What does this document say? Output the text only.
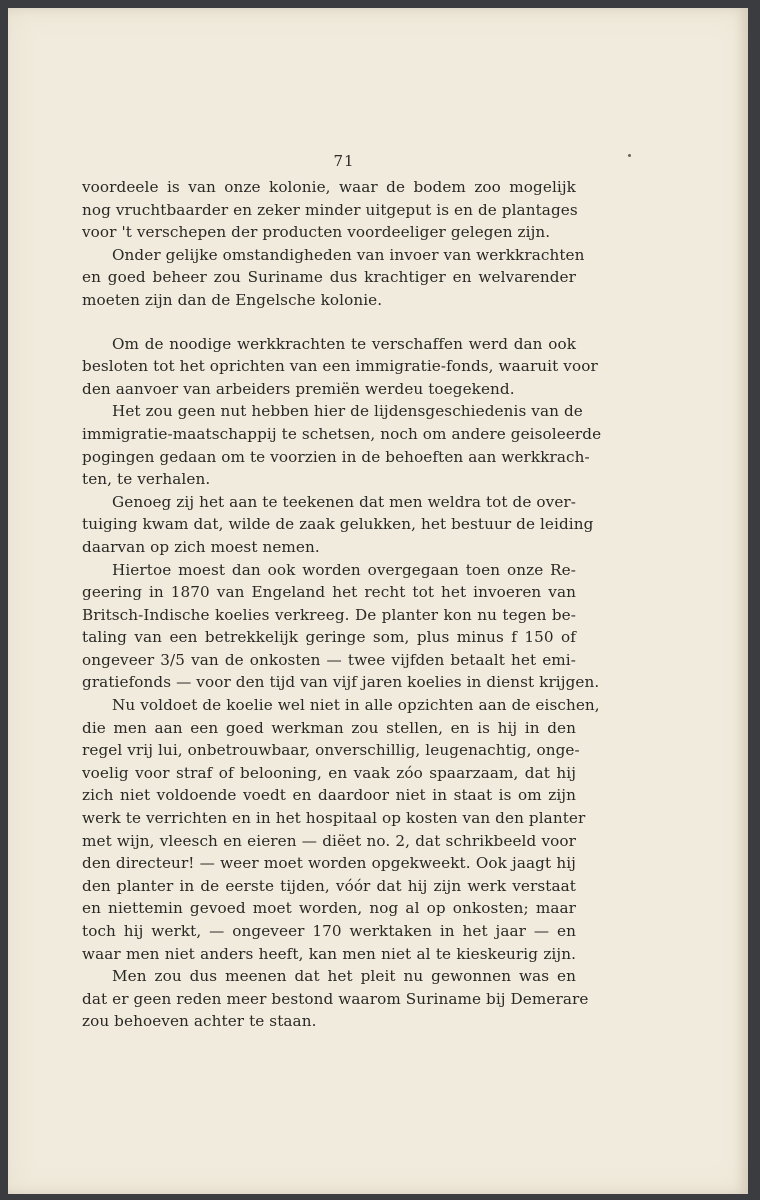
71
voordeele is van onze kolonie, waar de bodem zoo mogelijk
nog vruchtbaarder en zeker minder uitgeput is en de plantages
voor 't verschepen der producten voordeeliger gelegen zijn.
Onder gelijke omstandigheden van invoer van werkkrachten
en goed beheer zou Suriname dus krachtiger en welvarender
moeten zijn dan de Engelsche kolonie.
Om de noodige werkkrachten te verschaffen werd dan ook
besloten tot het oprichten van een immigratie-fonds, waaruit voor
den aanvoer van arbeiders premiën werdeu toegekend.
Het zou geen nut hebben hier de lijdensgeschiedenis van de
immigratie-maatschappij te schetsen, noch om andere geisoleerde
pogingen gedaan om te voorzien in de behoeften aan werkkrach-
ten, te verhalen.
Genoeg zij het aan te teekenen dat men weldra tot de over-
tuiging kwam dat, wilde de zaak gelukken, het bestuur de leiding
daarvan op zich moest nemen.
Hiertoe moest dan ook worden overgegaan toen onze Re-
geering in 1870 van Engeland het recht tot het invoeren van
Britsch-Indische koelies verkreeg. De planter kon nu tegen be-
taling van een betrekkelijk geringe som, plus minus f 150 of
ongeveer 3/5 van de onkosten — twee vijfden betaalt het emi-
gratiefonds — voor den tijd van vijf jaren koelies in dienst krijgen.
Nu voldoet de koelie wel niet in alle opzichten aan de eischen,
die men aan een goed werkman zou stellen, en is hij in den
regel vrij lui, onbetrouwbaar, onverschillig, leugenachtig, onge-
voelig voor straf of belooning, en vaak zóo spaarzaam, dat hij
zich niet voldoende voedt en daardoor niet in staat is om zijn
werk te verrichten en in het hospitaal op kosten van den planter
met wijn, vleesch en eieren — diëet no. 2, dat schrikbeeld voor
den directeur! — weer moet worden opgekweekt. Ook jaagt hij
den planter in de eerste tijden, vóór dat hij zijn werk verstaat
en niettemin gevoed moet worden, nog al op onkosten; maar
toch hij werkt, — ongeveer 170 werktaken in het jaar — en
waar men niet anders heeft, kan men niet al te kieskeurig zijn.
Men zou dus meenen dat het pleit nu gewonnen was en
dat er geen reden meer bestond waarom Suriname bij Demerare
zou behoeven achter te staan.
